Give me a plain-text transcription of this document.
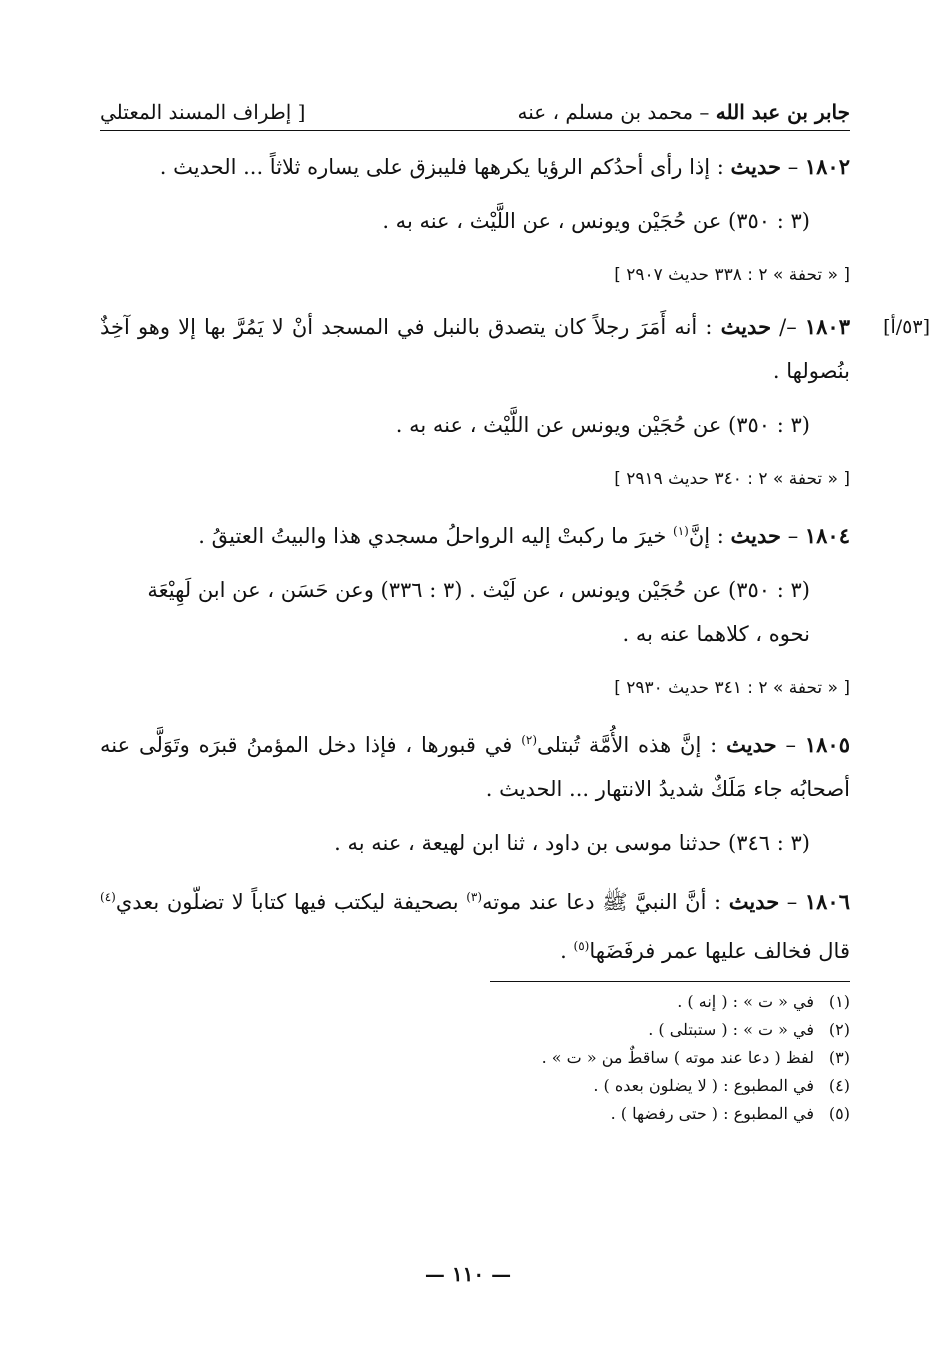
جابر بن عبد الله – محمد بن مسلم ، عنه
[ إطراف المسند المعتلي
١٨٠٢ – حديث : إذا رأى أحدُكم الرؤيا يكرهها فليبزق على يساره ثلاثاً ... الحديث .
(٣ : ٣٥٠) عن حُجَيْن ويونس ، عن اللَّيْث ، عنه به .
[ « تحفة » ٢ : ٣٣٨ حديث ٢٩٠٧ ]
[٥٣/أ]
١٨٠٣ –/ حديث : أنه أَمَرَ رجلاً كان يتصدق بالنبل في المسجد أنْ لا يَمُرَّ بها إلا وهو آخِذٌ بنُصولها .
(٣ : ٣٥٠) عن حُجَيْن ويونس عن اللَّيْث ، عنه به .
[ « تحفة » ٢ : ٣٤٠ حديث ٢٩١٩ ]
١٨٠٤ – حديث : إنَّ$^{(١)}$ خيرَ ما ركبتْ إليه الرواحلُ مسجدي هذا والبيتُ العتيقُ .
(٣ : ٣٥٠) عن حُجَيْن ويونس ، عن لَيْث . (٣ : ٣٣٦) وعن حَسَن ، عن ابن لَهِيْعَة نحوه ، كلاهما عنه به .
[ « تحفة » ٢ : ٣٤١ حديث ٢٩٣٠ ]
١٨٠٥ – حديث : إنَّ هذه الأُمَّة تُبتلى$^{(٢)}$ في قبورها ، فإذا دخل المؤمنُ قبرَه وتَوَلَّى عنه أصحابُه جاء مَلَكٌ شديدُ الانتهار ... الحديث .
(٣ : ٣٤٦) حدثنا موسى بن داود ، ثنا ابن لهيعة ، عنه به .
١٨٠٦ – حديث : أنَّ النبيَّ ﷺ دعا عند موته$^{(٣)}$ بصحيفة ليكتب فيها كتاباً لا تضلّون بعدي$^{(٤)}$ قال فخالف عليها عمر فرفَضَها$^{(٥)}$ .
(١)في « ت » : ( إنه ) .
(٢)في « ت » : ( ستبتلى ) .
(٣)لفظ ( دعا عند موته ) ساقطٌ من « ت » .
(٤)في المطبوع : ( لا يضلون بعده ) .
(٥)في المطبوع : ( حتى رفضها ) .
— ١١٠ —
